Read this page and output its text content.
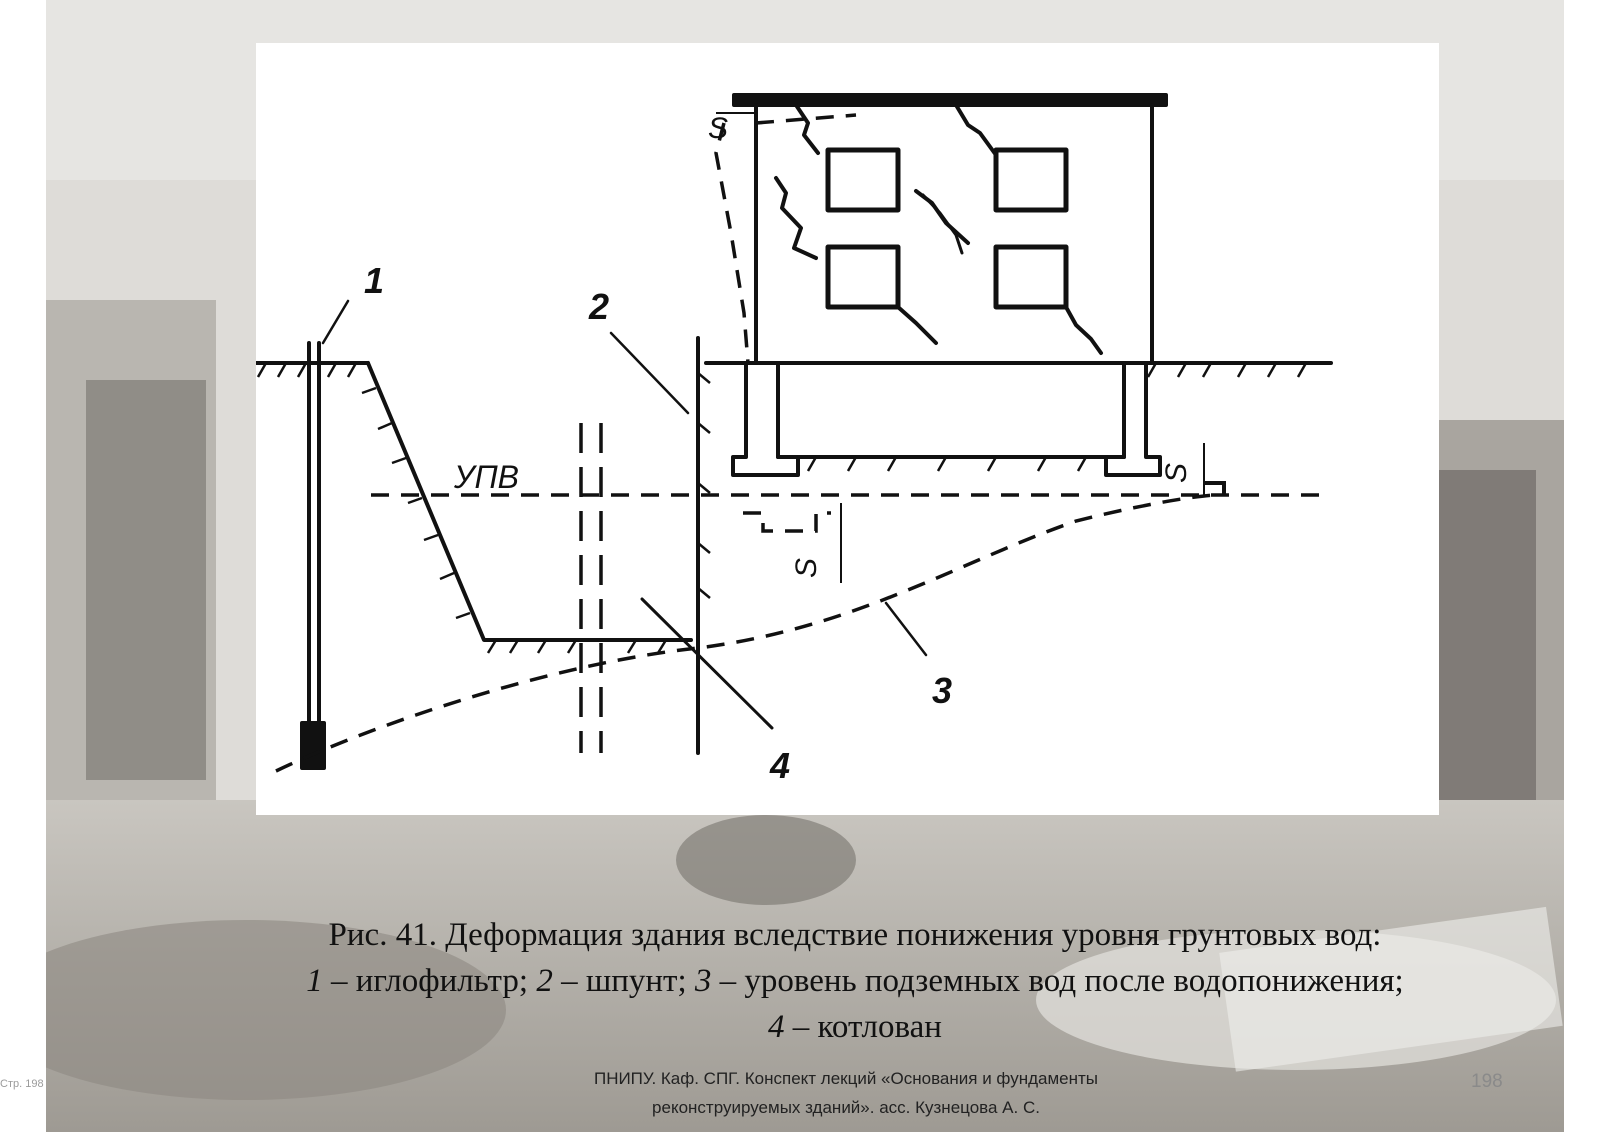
1
2
3
4
УПВ
S
S
S
Рис. 41. Деформация здания вследствие понижения уровня грунтовых вод:
1 – иглофильтр; 2 – шпунт; 3 – уровень подземных вод после водопонижения;
4 – котлован
ПНИПУ. Каф. СПГ. Конспект лекций «Основания и фундаменты
реконструируемых зданий». асс. Кузнецова А. С.
198
Стр. 198
